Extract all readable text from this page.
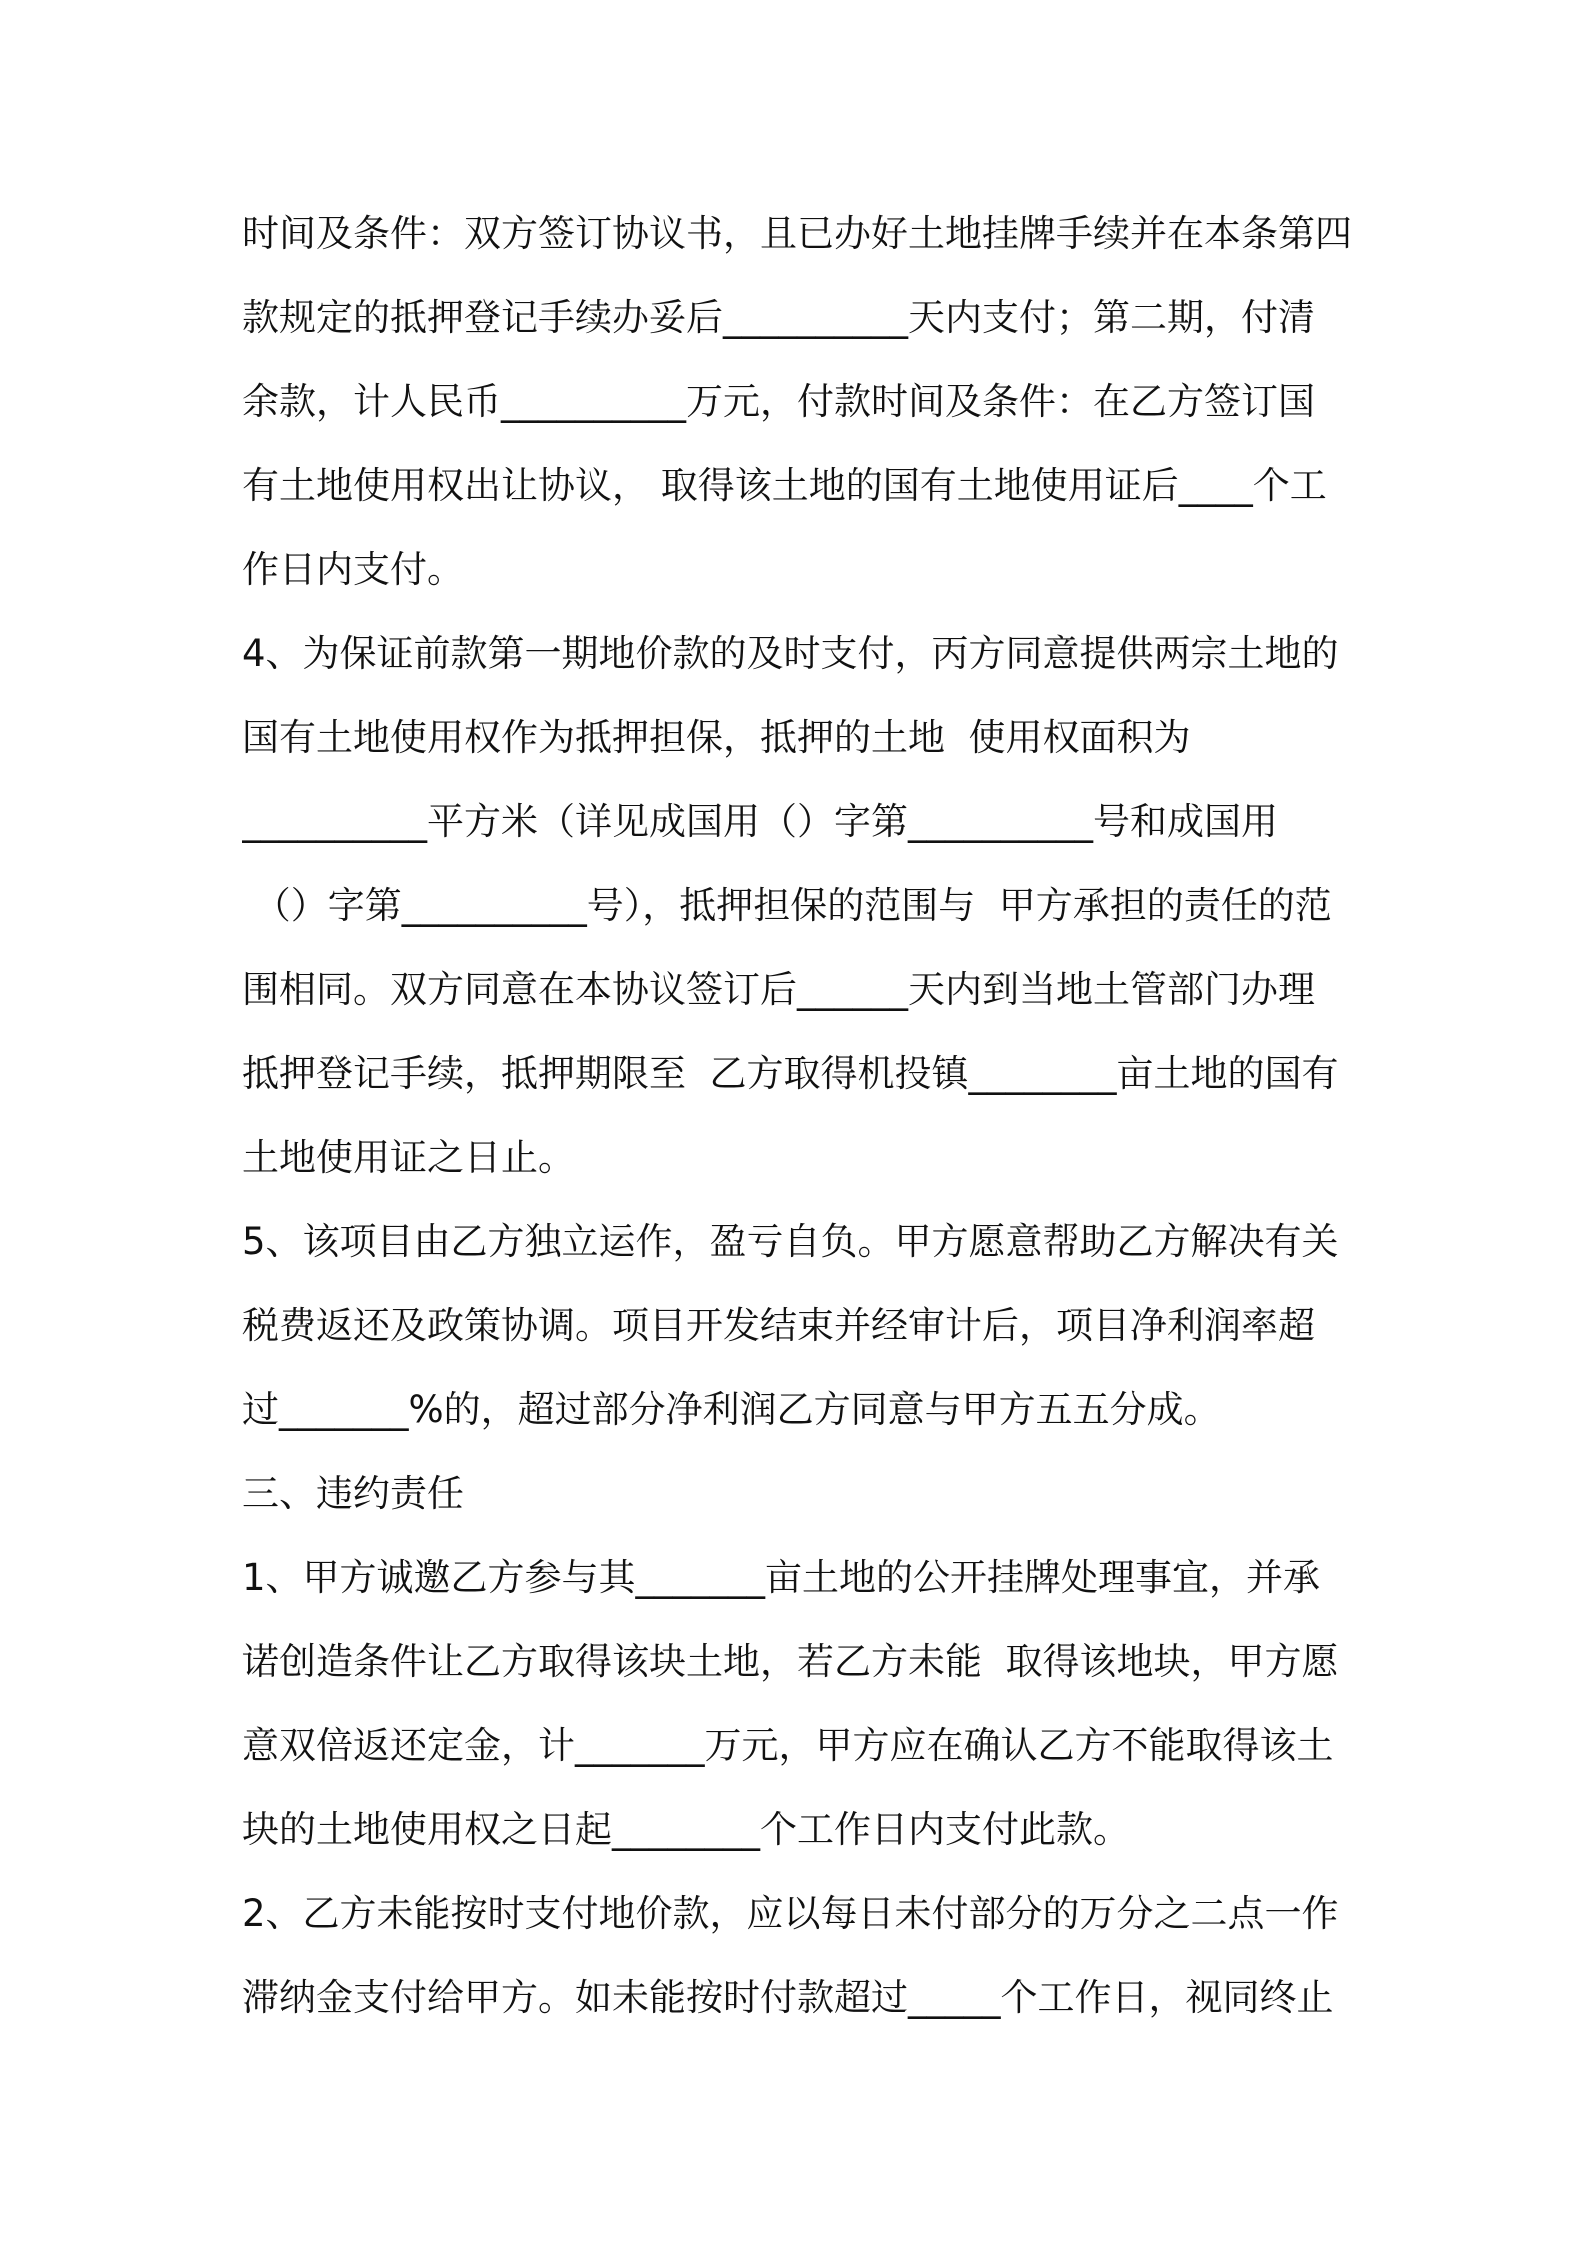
时间及条件：双方签订协议书，且已办好土地挂牌手续并在本条第四
款规定的抵押登记手续办妥后__________天内支付；第二期，付清
余款，计人民币__________万元，付款时间及条件：在乙方签订国
有土地使用权出让协议， 取得该土地的国有土地使用证后____个工
作日内支付。
4、为保证前款第一期地价款的及时支付，丙方同意提供两宗土地的
国有土地使用权作为抵押担保，抵押的土地  使用权面积为
__________平方米（详见成国用（）字第__________号和成国用
（）字第__________号），抵押担保的范围与  甲方承担的责任的范
围相同。双方同意在本协议签订后______天内到当地土管部门办理
抵押登记手续，抵押期限至  乙方取得机投镇________亩土地的国有
土地使用证之日止。
5、该项目由乙方独立运作，盈亏自负。甲方愿意帮助乙方解决有关
税费返还及政策协调。项目开发结束并经审计后，项目净利润率超
过_______%的，超过部分净利润乙方同意与甲方五五分成。
三、违约责任
1、甲方诚邀乙方参与其_______亩土地的公开挂牌处理事宜，并承
诺创造条件让乙方取得该块土地，若乙方未能  取得该地块，甲方愿
意双倍返还定金，计_______万元，甲方应在确认乙方不能取得该土
块的土地使用权之日起________个工作日内支付此款。
2、乙方未能按时支付地价款，应以每日未付部分的万分之二点一作
滞纳金支付给甲方。如未能按时付款超过_____个工作日，视同终止
